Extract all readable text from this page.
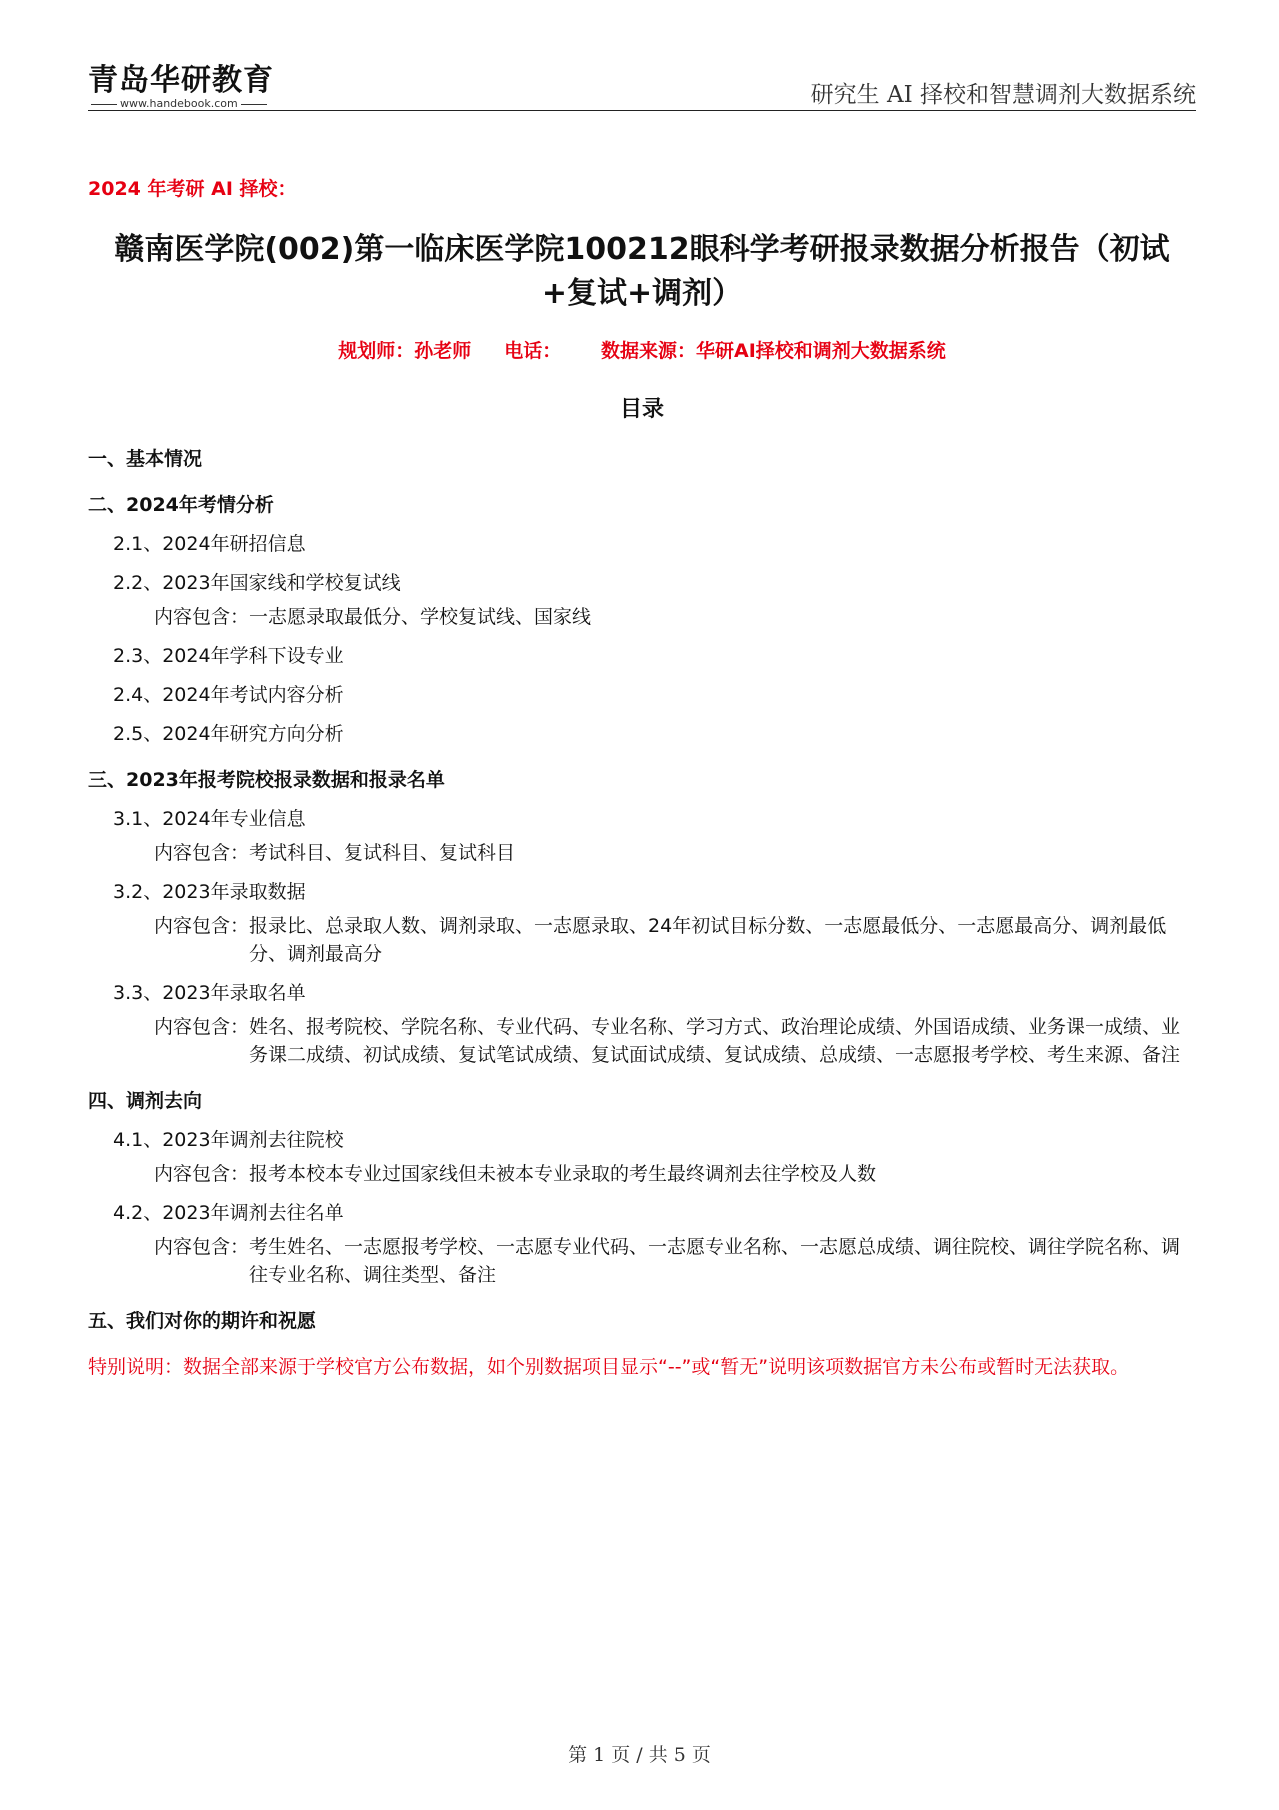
青岛华研教育
www.handebook.com	研究生 AI 择校和智慧调剂大数据系统
2024 年考研 AI 择校：
赣南医学院(002)第一临床医学院100212眼科学考研报录数据分析报告（初试+复试+调剂）
规划师：孙老师 电话： 数据来源：华研AI择校和调剂大数据系统
目录
一、基本情况
二、2024年考情分析
2.1、2024年研招信息
2.2、2023年国家线和学校复试线
内容包含： 一志愿录取最低分、学校复试线、国家线
2.3、2024年学科下设专业
2.4、2024年考试内容分析
2.5、2024年研究方向分析
三、2023年报考院校报录数据和报录名单
3.1、2024年专业信息
内容包含： 考试科目、复试科目、复试科目
3.2、2023年录取数据
内容包含： 报录比、总录取人数、调剂录取、一志愿录取、24年初试目标分数、一志愿最低分、一志愿最高分、调剂最低分、调剂最高分
3.3、2023年录取名单
内容包含： 姓名、报考院校、学院名称、专业代码、专业名称、学习方式、政治理论成绩、外国语成绩、业务课一成绩、业务课二成绩、初试成绩、复试笔试成绩、复试面试成绩、复试成绩、总成绩、一志愿报考学校、考生来源、备注
四、调剂去向
4.1、2023年调剂去往院校
内容包含： 报考本校本专业过国家线但未被本专业录取的考生最终调剂去往学校及人数
4.2、2023年调剂去往名单
内容包含： 考生姓名、一志愿报考学校、一志愿专业代码、一志愿专业名称、一志愿总成绩、调往院校、调往学院名称、调往专业名称、调往类型、备注
五、我们对你的期许和祝愿
特别说明：数据全部来源于学校官方公布数据，如个别数据项目显示“--”或“暂无”说明该项数据官方未公布或暂时无法获取。
第 1 页 / 共 5 页
